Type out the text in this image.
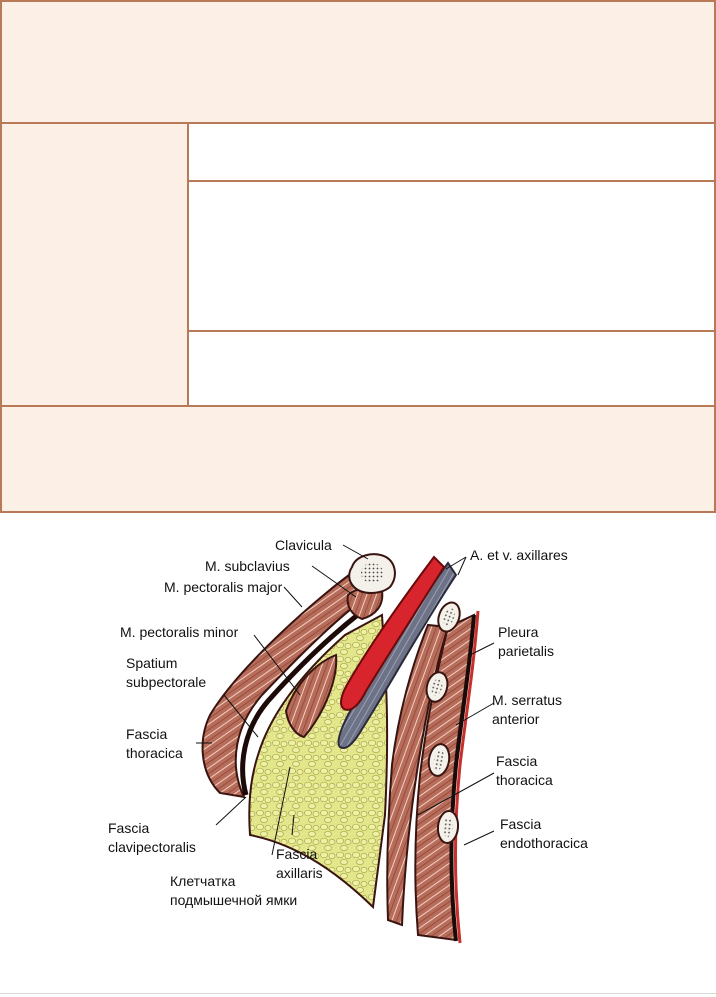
Clavicula
M. subclavius
M. pectoralis major
M. pectoralis minor
Spatium
subpectorale
Fascia
thoracica
Fascia
clavipectoralis	Fascia
axillaris
Клетчатка
подмышечной ямки
A. et v. axillares
Pleura
parietalis
M. serratus
anterior
Fascia
thoracica
Fascia
endothoracica
